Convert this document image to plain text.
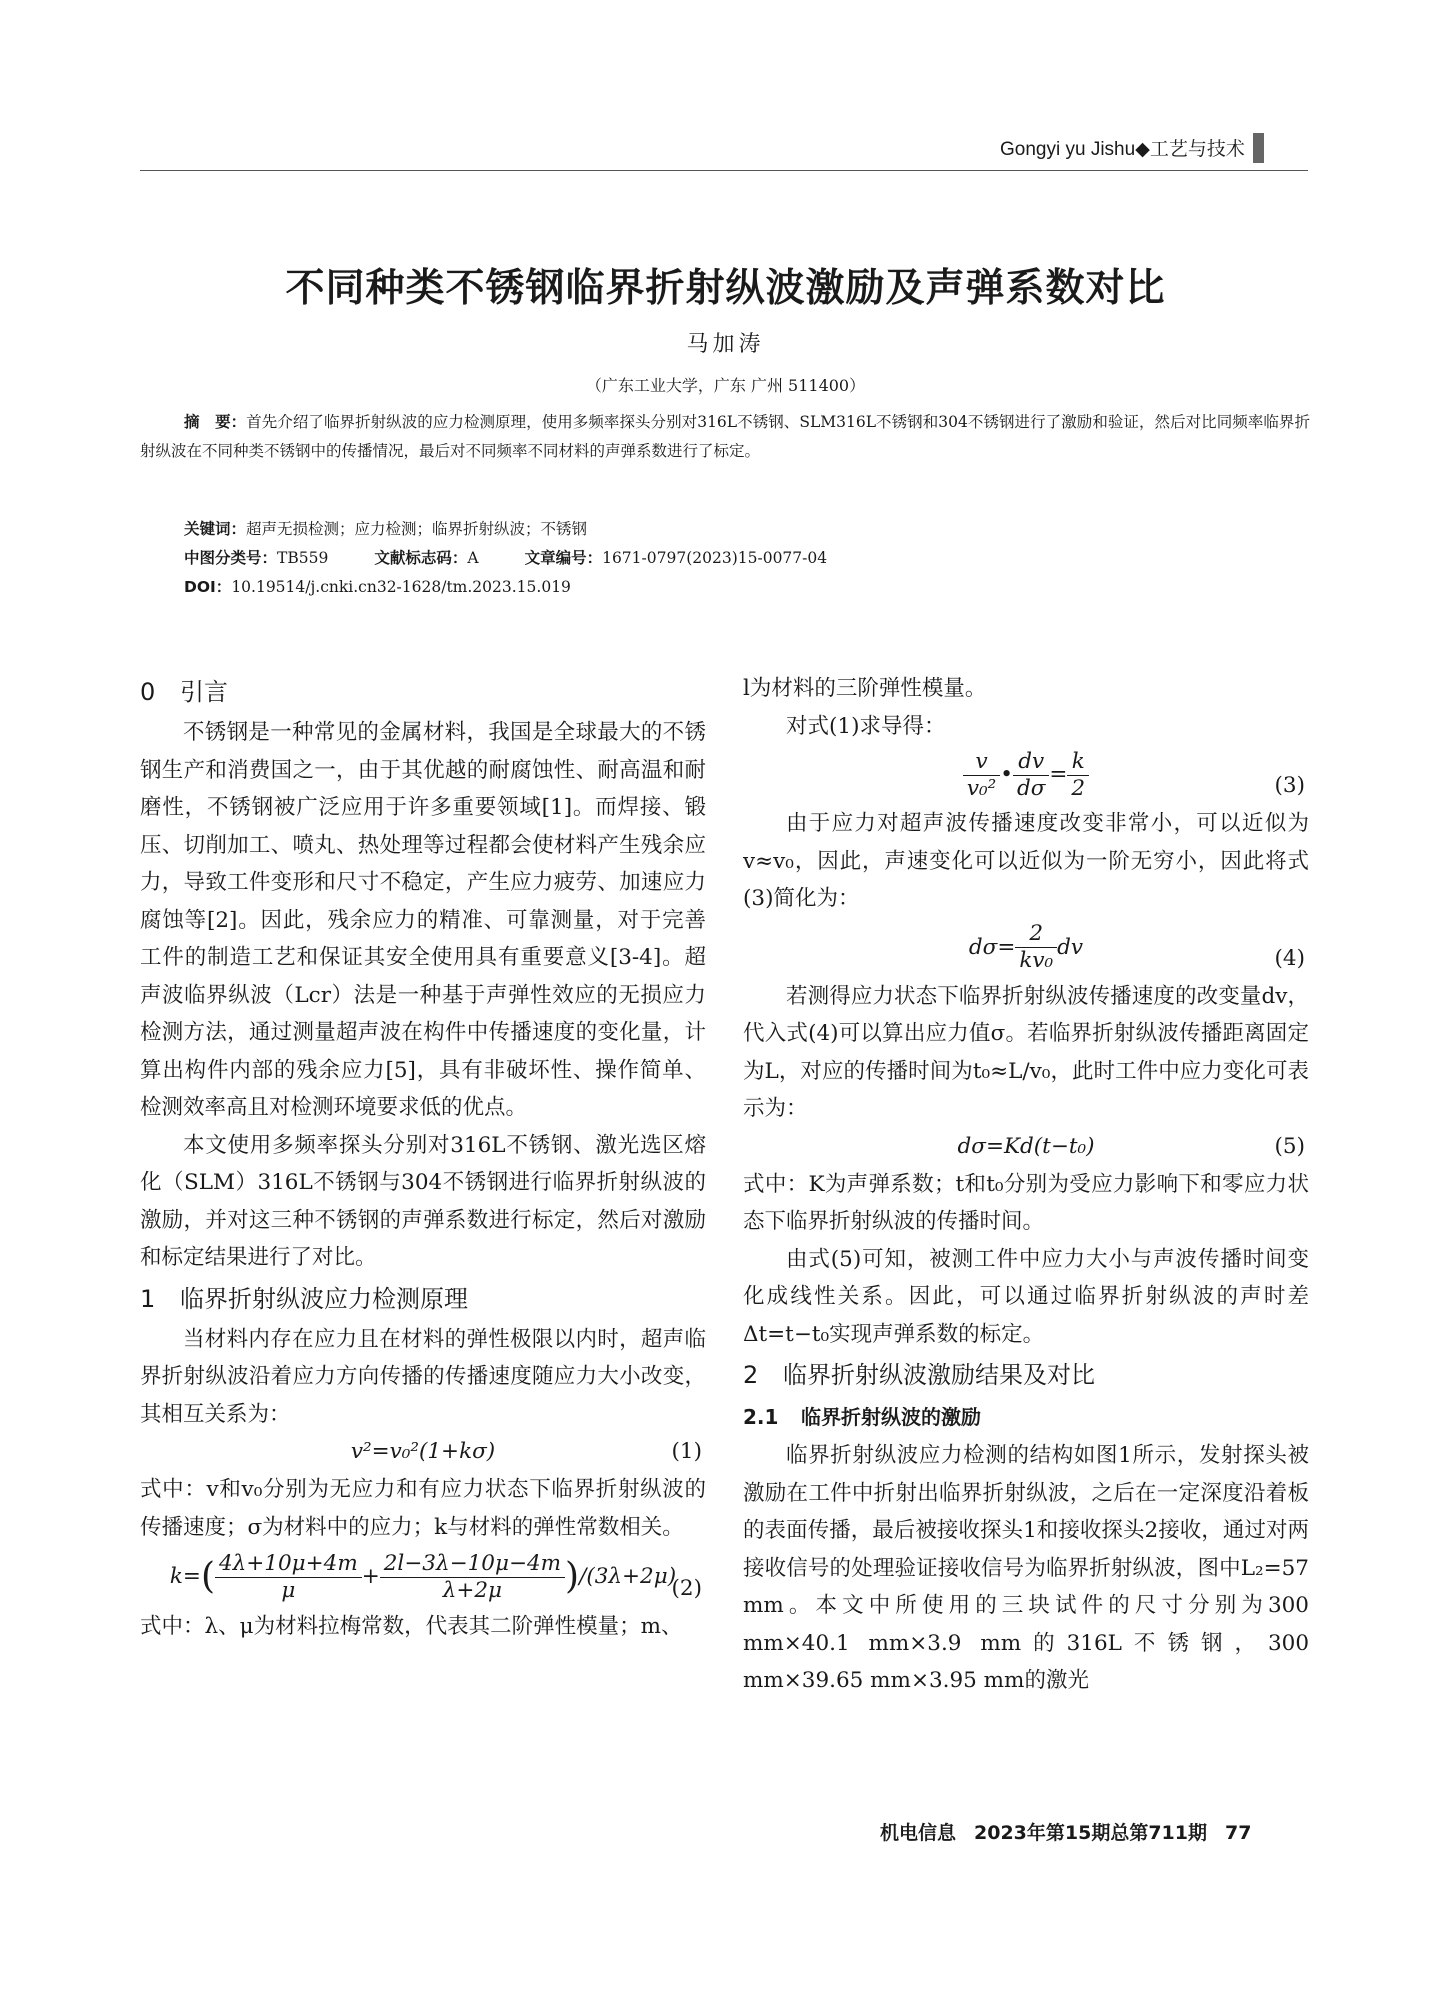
Gongyi yu Jishu◆工艺与技术
不同种类不锈钢临界折射纵波激励及声弹系数对比
马加涛
（广东工业大学，广东 广州 511400）
摘　要：首先介绍了临界折射纵波的应力检测原理，使用多频率探头分别对316L不锈钢、SLM316L不锈钢和304不锈钢进行了激励和验证，然后对比同频率临界折射纵波在不同种类不锈钢中的传播情况，最后对不同频率不同材料的声弹系数进行了标定。
关键词：超声无损检测；应力检测；临界折射纵波；不锈钢
中图分类号：TB559	文献标志码：A	文章编号：1671-0797(2023)15-0077-04
DOI：10.19514/j.cnki.cn32-1628/tm.2023.15.019
0 引言

不锈钢是一种常见的金属材料，我国是全球最大的不锈钢生产和消费国之一，由于其优越的耐腐蚀性、耐高温和耐磨性，不锈钢被广泛应用于许多重要领域[1]。而焊接、锻压、切削加工、喷丸、热处理等过程都会使材料产生残余应力，导致工件变形和尺寸不稳定，产生应力疲劳、加速应力腐蚀等[2]。因此，残余应力的精准、可靠测量，对于完善工件的制造工艺和保证其安全使用具有重要意义[3-4]。超声波临界纵波（Lcr）法是一种基于声弹性效应的无损应力检测方法，通过测量超声波在构件中传播速度的变化量，计算出构件内部的残余应力[5]，具有非破坏性、操作简单、检测效率高且对检测环境要求低的优点。

本文使用多频率探头分别对316L不锈钢、激光选区熔化（SLM）316L不锈钢与304不锈钢进行临界折射纵波的激励，并对这三种不锈钢的声弹系数进行标定，然后对激励和标定结果进行了对比。

1 临界折射纵波应力检测原理

当材料内存在应力且在材料的弹性极限以内时，超声临界折射纵波沿着应力方向传播的传播速度随应力大小改变，其相互关系为：

v²=v₀²(1+kσ)	(1)

式中：v和v₀分别为无应力和有应力状态下临界折射纵波的传播速度；σ为材料中的应力；k与材料的弹性常数相关。

$k=( \frac{4\lambda+10\mu+4m}{\mu} + \frac{2l-3\lambda-10\mu-4m}{\lambda+2\mu} )/(3\lambda+2\mu)$
(2)

式中：λ、μ为材料拉梅常数，代表其二阶弹性模量；m、

l为材料的三阶弹性模量。

对式(1)求导得：

$\frac{v}{\text{v₀²}}$ • $\frac{dv}{d\sigma} = \frac{k}{2}$	(3)

由于应力对超声波传播速度改变非常小，可以近似为v≈v₀，因此，声速变化可以近似为一阶无穷小，因此将式(3)简化为：

$d\sigma= \frac{2}{\text{kv₀}}$ dv	(4)

若测得应力状态下临界折射纵波传播速度的改变量dv，代入式(4)可以算出应力值σ。若临界折射纵波传播距离固定为L，对应的传播时间为t₀≈L/v₀，此时工件中应力变化可表示为：

dσ=Kd(t−t₀)	(5)

式中：K为声弹系数；t和t₀分别为受应力影响下和零应力状态下临界折射纵波的传播时间。

由式(5)可知，被测工件中应力大小与声波传播时间变化成线性关系。因此，可以通过临界折射纵波的声时差Δt=t−t₀实现声弹系数的标定。

2 临界折射纵波激励结果及对比
2.1 临界折射纵波的激励

临界折射纵波应力检测的结构如图1所示，发射探头被激励在工件中折射出临界折射纵波，之后在一定深度沿着板的表面传播，最后被接收探头1和接收探头2接收，通过对两接收信号的处理验证接收信号为临界折射纵波，图中L₂=57 mm。本文中所使用的三块试件的尺寸分别为300 mm×40.1 mm×3.9 mm的316L不锈钢，300 mm×39.65 mm×3.95 mm的激光

机电信息 2023年第15期总第711期 77
